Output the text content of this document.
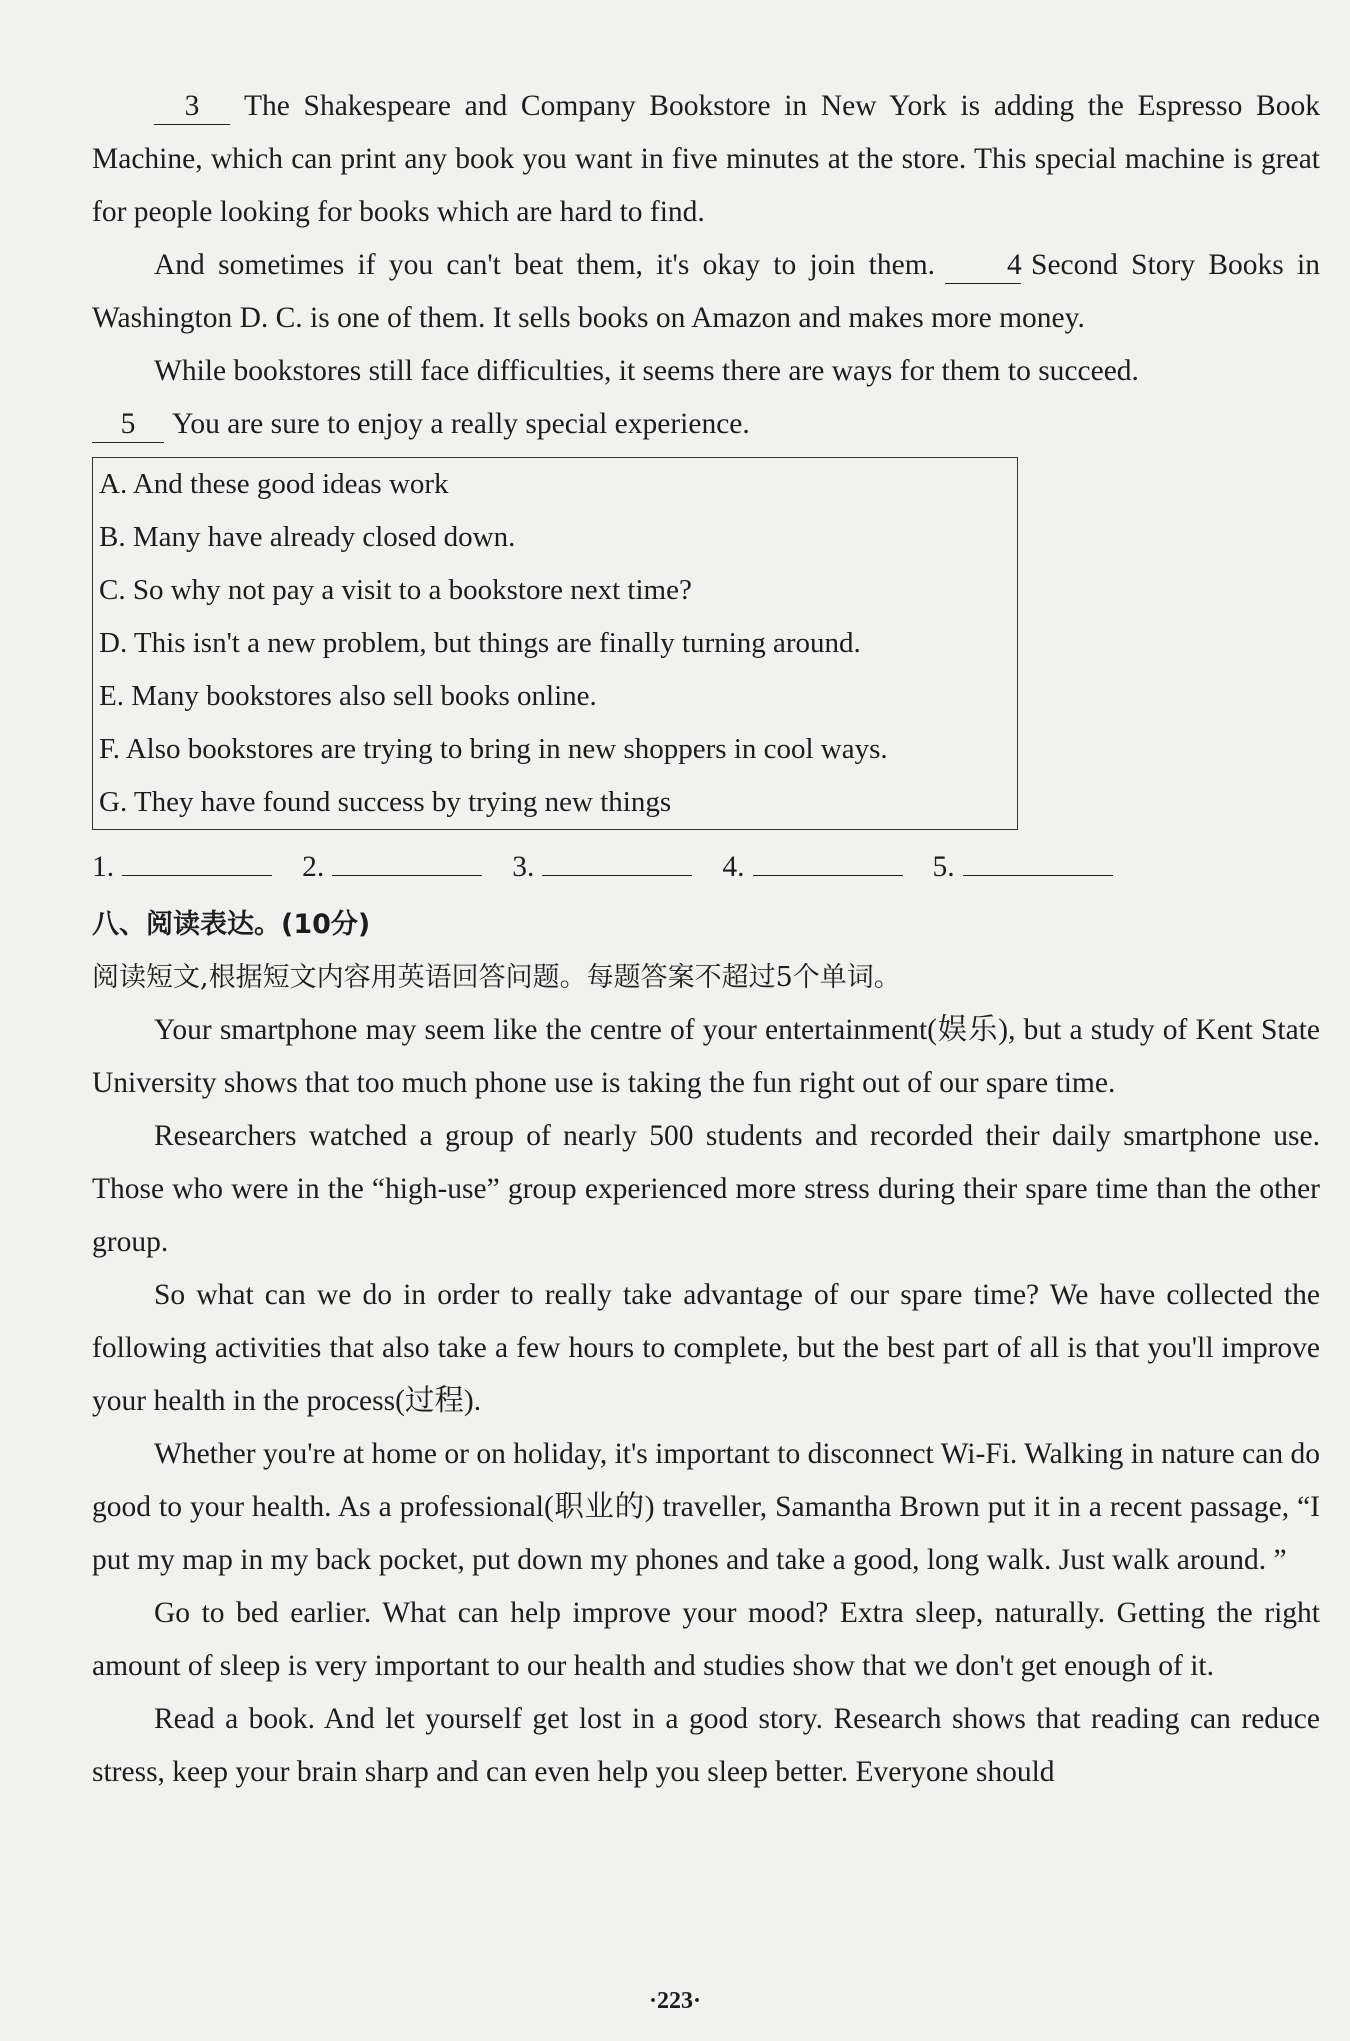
3 The Shakespeare and Company Bookstore in New York is adding the Espresso Book Machine, which can print any book you want in five minutes at the store. This special machine is great for people looking for books which are hard to find.

And sometimes if you can't beat them, it's okay to join them. 4 Second Story Books in Washington D. C. is one of them. It sells books on Amazon and makes more money.

While bookstores still face difficulties, it seems there are ways for them to succeed.

5 You are sure to enjoy a really special experience.

A. And these good ideas work
B. Many have already closed down.
C. So why not pay a visit to a bookstore next time?
D. This isn't a new problem, but things are finally turning around.
E. Many bookstores also sell books online.
F. Also bookstores are trying to bring in new shoppers in cool ways.
G. They have found success by trying new things
1.	2.	3.	4.	5.
八、阅读表达。(10分)
阅读短文,根据短文内容用英语回答问题。每题答案不超过5个单词。

Your smartphone may seem like the centre of your entertainment(娱乐), but a study of Kent State University shows that too much phone use is taking the fun right out of our spare time.

Researchers watched a group of nearly 500 students and recorded their daily smartphone use. Those who were in the “high-use” group experienced more stress during their spare time than the other group.

So what can we do in order to really take advantage of our spare time? We have collected the following activities that also take a few hours to complete, but the best part of all is that you'll improve your health in the process(过程).

Whether you're at home or on holiday, it's important to disconnect Wi-Fi. Walking in nature can do good to your health. As a professional(职业的) traveller, Samantha Brown put it in a recent passage, “I put my map in my back pocket, put down my phones and take a good, long walk. Just walk around. ”

Go to bed earlier. What can help improve your mood? Extra sleep, naturally. Getting the right amount of sleep is very important to our health and studies show that we don't get enough of it.

Read a book. And let yourself get lost in a good story. Research shows that reading can reduce stress, keep your brain sharp and can even help you sleep better. Everyone should

·223·
